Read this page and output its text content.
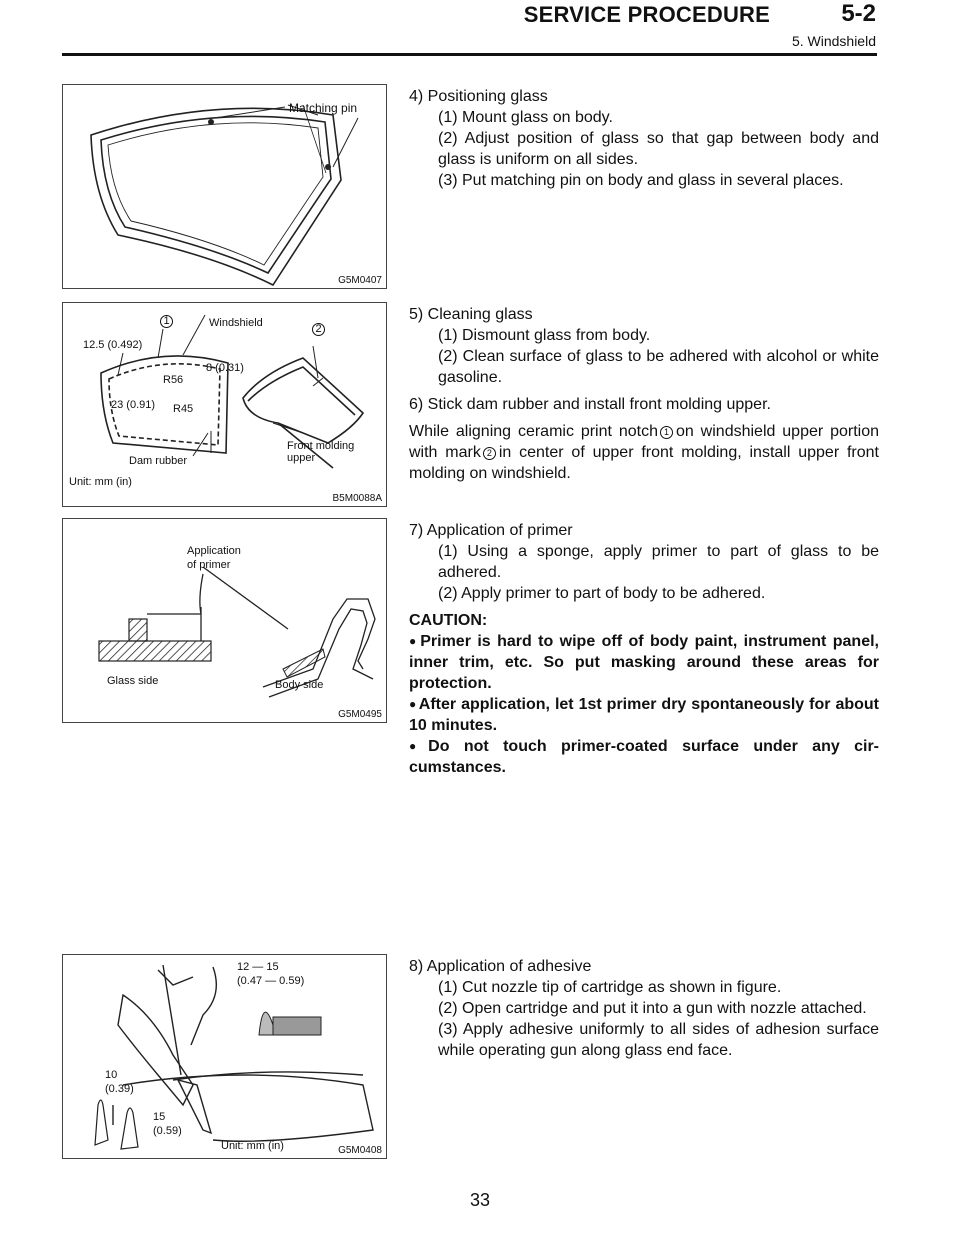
SERVICE PROCEDURE	5-2
5. Windshield
Matching pin
G5M0407
1
2
Windshield
12.5 (0.492)
R56
8 (0.31)
23 (0.91) R45
Dam rubber
Front molding
upper
Unit: mm (in)
B5M0088A
Application
of primer
Glass side	Body side
G5M0495
12 — 15
(0.47 — 0.59)
10
(0.39)
15
(0.59)
Unit: mm (in)	G5M0408

4) Positioning glass

(1) Mount glass on body.

(2) Adjust position of glass so that gap between body and glass is uniform on all sides.

(3) Put matching pin on body and glass in several places.

5) Cleaning glass

(1) Dismount glass from body.

(2) Clean surface of glass to be adhered with alcohol or white gasoline.

6) Stick dam rubber and install front molding upper.

While aligning ceramic print notch 1 on windshield upper portion with mark 2 in center of upper front molding, install upper front molding on windshield.

7) Application of primer

(1) Using a sponge, apply primer to part of glass to be adhered.

(2) Apply primer to part of body to be adhered.

CAUTION:

● Primer is hard to wipe off of body paint, instrument panel, inner trim, etc. So put masking around these areas for protection.

● After application, let 1st primer dry spontaneously for about 10 minutes.

● Do not touch primer-coated surface under any cir- cumstances.

8) Application of adhesive

(1) Cut nozzle tip of cartridge as shown in figure.

(2) Open cartridge and put it into a gun with nozzle attached.

(3) Apply adhesive uniformly to all sides of adhesion surface while operating gun along glass end face.

33
